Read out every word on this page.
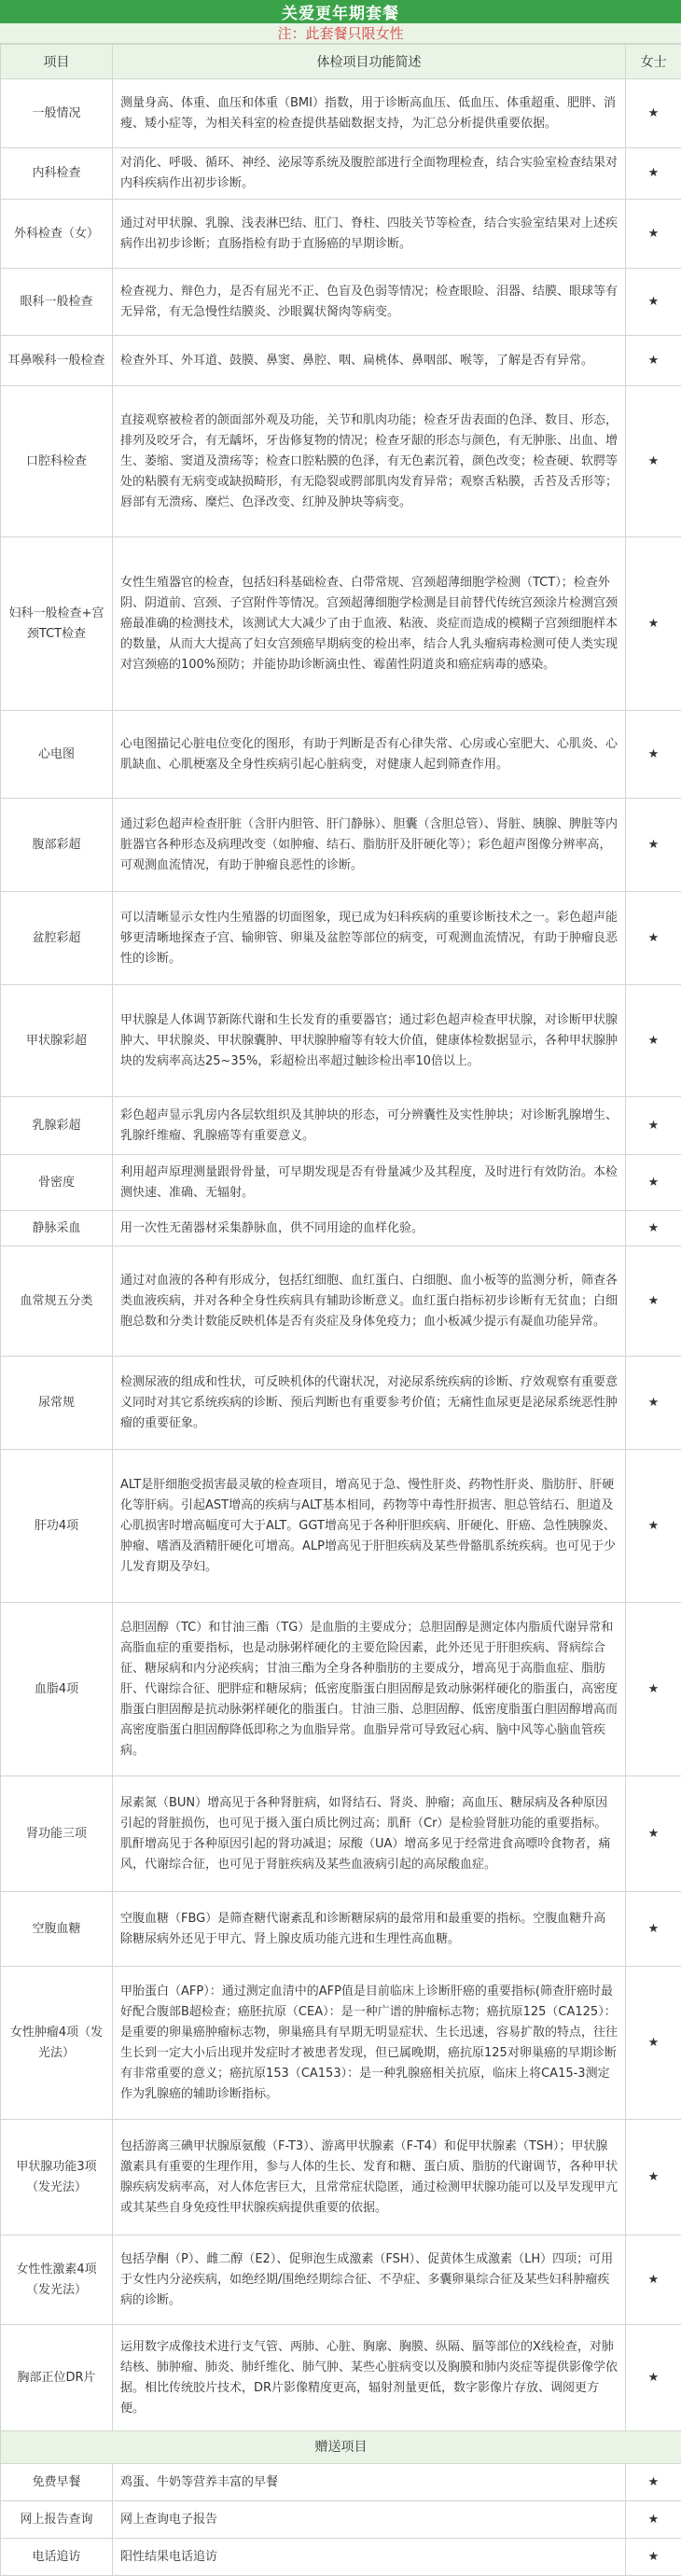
关爱更年期套餐
注：此套餐只限女性
项目	体检项目功能简述	女士
一般情况	测量身高、体重、血压和体重（BMI）指数，用于诊断高血压、低血压、体重超重、肥胖、消瘦、矮小症等，为相关科室的检查提供基础数据支持，为汇总分析提供重要依据。	★
内科检查	对消化、呼吸、循环、神经、泌尿等系统及腹腔部进行全面物理检查，结合实验室检查结果对内科疾病作出初步诊断。	★
外科检查（女）	通过对甲状腺、乳腺、浅表淋巴结、肛门、脊柱、四肢关节等检查，结合实验室结果对上述疾病作出初步诊断；直肠指检有助于直肠癌的早期诊断。	★
眼科一般检查	检查视力、辩色力，是否有屈光不正、色盲及色弱等情况；检查眼睑、泪器、结膜、眼球等有无异常，有无急慢性结膜炎、沙眼翼状胬肉等病变。	★
耳鼻喉科一般检查	检查外耳、外耳道、鼓膜、鼻窦、鼻腔、咽、扁桃体、鼻咽部、喉等，了解是否有异常。	★
口腔科检查	直接观察被检者的颌面部外观及功能，关节和肌肉功能；检查牙齿表面的色泽、数目、形态，排列及咬牙合，有无龋坏，牙齿修复物的情况；检查牙龈的形态与颜色，有无肿胀、出血、增生、萎缩、窦道及溃疡等；检查口腔粘膜的色泽，有无色素沉着，颜色改变；检查硬、软腭等处的粘膜有无病变或缺损畸形，有无隐裂或腭部肌肉发育异常；观察舌粘膜，舌苔及舌形等；唇部有无溃疡、糜烂、色泽改变、红肿及肿块等病变。	★
妇科一般检查+宫颈TCT检查	女性生殖器官的检查，包括妇科基础检查、白带常规、宫颈超薄细胞学检测（TCT）；检查外阴、阴道前、宫颈、子宫附件等情况。宫颈超薄细胞学检测是目前替代传统宫颈涂片检测宫颈癌最准确的检测技术，该测试大大减少了由于血液、粘液、炎症而造成的模糊子宫颈细胞样本的数量，从而大大提高了妇女宫颈癌早期病变的检出率，结合人乳头瘤病毒检测可使人类实现对宫颈癌的100%预防；并能协助诊断滴虫性、霉菌性阴道炎和癌症病毒的感染。	★
心电图	心电图描记心脏电位变化的图形，有助于判断是否有心律失常、心房或心室肥大、心肌炎、心肌缺血、心肌梗塞及全身性疾病引起心脏病变，对健康人起到筛查作用。	★
腹部彩超	通过彩色超声检查肝脏（含肝内胆管、肝门静脉）、胆囊（含胆总管）、肾脏、胰腺、脾脏等内脏器官各种形态及病理改变（如肿瘤、结石、脂肪肝及肝硬化等）；彩色超声图像分辨率高，可观测血流情况，有助于肿瘤良恶性的诊断。	★
盆腔彩超	可以清晰显示女性内生殖器的切面图象，现已成为妇科疾病的重要诊断技术之一。彩色超声能够更清晰地探查子宫、输卵管、卵巢及盆腔等部位的病变，可观测血流情况，有助于肿瘤良恶性的诊断。	★
甲状腺彩超	甲状腺是人体调节新陈代谢和生长发育的重要器官；通过彩色超声检查甲状腺，对诊断甲状腺肿大、甲状腺炎、甲状腺囊肿、甲状腺肿瘤等有较大价值，健康体检数据显示，各种甲状腺肿块的发病率高达25~35%，彩超检出率超过触诊检出率10倍以上。	★
乳腺彩超	彩色超声显示乳房内各层软组织及其肿块的形态，可分辨囊性及实性肿块；对诊断乳腺增生、乳腺纤维瘤、乳腺癌等有重要意义。	★
骨密度	利用超声原理测量跟骨骨量，可早期发现是否有骨量减少及其程度，及时进行有效防治。本检测快速、准确、无辐射。	★
静脉采血	用一次性无菌器材采集静脉血，供不同用途的血样化验。	★
血常规五分类	通过对血液的各种有形成分，包括红细胞、血红蛋白、白细胞、血小板等的监测分析，筛查各类血液疾病，并对各种全身性疾病具有辅助诊断意义。血红蛋白指标初步诊断有无贫血；白细胞总数和分类计数能反映机体是否有炎症及身体免疫力；血小板减少提示有凝血功能异常。	★
尿常规	检测尿液的组成和性状，可反映机体的代谢状况，对泌尿系统疾病的诊断、疗效观察有重要意义同时对其它系统疾病的诊断、预后判断也有重要参考价值；无痛性血尿更是泌尿系统恶性肿瘤的重要征象。	★
肝功4项	ALT是肝细胞受损害最灵敏的检查项目，增高见于急、慢性肝炎、药物性肝炎、脂肪肝、肝硬化等肝病。引起AST增高的疾病与ALT基本相同，药物等中毒性肝损害、胆总管结石、胆道及心肌损害时增高幅度可大于ALT。GGT增高见于各种肝胆疾病、肝硬化、肝癌、急性胰腺炎、肿瘤、嗜酒及酒精肝硬化可增高。ALP增高见于肝胆疾病及某些骨骼肌系统疾病。也可见于少儿发育期及孕妇。	★
血脂4项	总胆固醇（TC）和甘油三酯（TG）是血脂的主要成分；总胆固醇是测定体内脂质代谢异常和高脂血症的重要指标，也是动脉粥样硬化的主要危险因素，此外还见于肝胆疾病、肾病综合征、糖尿病和内分泌疾病；甘油三酯为全身各种脂肪的主要成分，增高见于高脂血症、脂肪肝、代谢综合征、肥胖症和糖尿病；低密度脂蛋白胆固醇是致动脉粥样硬化的脂蛋白，高密度脂蛋白胆固醇是抗动脉粥样硬化的脂蛋白。甘油三脂、总胆固醇、低密度脂蛋白胆固醇增高而高密度脂蛋白胆固醇降低即称之为血脂异常。血脂异常可导致冠心病、脑中风等心脑血管疾病。	★
肾功能三项	尿素氮（BUN）增高见于各种肾脏病，如肾结石、肾炎、肿瘤；高血压、糖尿病及各种原因引起的肾脏损伤，也可见于摄入蛋白质比例过高；肌酐（Cr）是检验肾脏功能的重要指标。肌酐增高见于各种原因引起的肾功减退；尿酸（UA）增高多见于经常进食高嘌呤食物者，痛风，代谢综合征，也可见于肾脏疾病及某些血液病引起的高尿酸血症。	★
空腹血糖	空腹血糖（FBG）是筛查糖代谢紊乱和诊断糖尿病的最常用和最重要的指标。空腹血糖升高除糖尿病外还见于甲亢、肾上腺皮质功能亢进和生理性高血糖。	★
女性肿瘤4项（发光法）	甲胎蛋白（AFP）：通过测定血清中的AFP值是目前临床上诊断肝癌的重要指标(筛查肝癌时最好配合腹部B超检查；癌胚抗原（CEA）：是一种广谱的肿瘤标志物；癌抗原125（CA125）：是重要的卵巢癌肿瘤标志物，卵巢癌具有早期无明显症状、生长迅速，容易扩散的特点，往往生长到一定大小后出现并发症时才被患者发现，但已属晚期，癌抗原125对卵巢癌的早期诊断有非常重要的意义；癌抗原153（CA153）：是一种乳腺癌相关抗原，临床上将CA15-3测定作为乳腺癌的辅助诊断指标。	★
甲状腺功能3项（发光法）	包括游离三碘甲状腺原氨酸（F-T3）、游离甲状腺素（F-T4）和促甲状腺素（TSH）；甲状腺激素具有重要的生理作用，参与人体的生长、发育和糖、蛋白质、脂肪的代谢调节，各种甲状腺疾病发病率高，对人体危害巨大，且常常症状隐匿，通过检测甲状腺功能可以及早发现甲亢或其某些自身免疫性甲状腺疾病提供重要的依据。	★
女性性激素4项（发光法）	包括孕酮（P）、雌二醇（E2）、促卵泡生成激素（FSH）、促黄体生成激素（LH）四项；可用于女性内分泌疾病，如绝经期/围绝经期综合征、不孕症、多囊卵巢综合征及某些妇科肿瘤疾病的诊断。	★
胸部正位DR片	运用数字成像技术进行支气管、两肺、心脏、胸廓、胸膜、纵隔、膈等部位的X线检查，对肺结核、肺肿瘤、肺炎、肺纤维化、肺气肿、某些心脏病变以及胸膜和肺内炎症等提供影像学依据。相比传统胶片技术，DR片影像精度更高，辐射剂量更低，数字影像片存放、调阅更方便。	★
赠送项目		
免费早餐	鸡蛋、牛奶等营养丰富的早餐	★
网上报告查询	网上查询电子报告	★
电话追访	阳性结果电话追访	★
